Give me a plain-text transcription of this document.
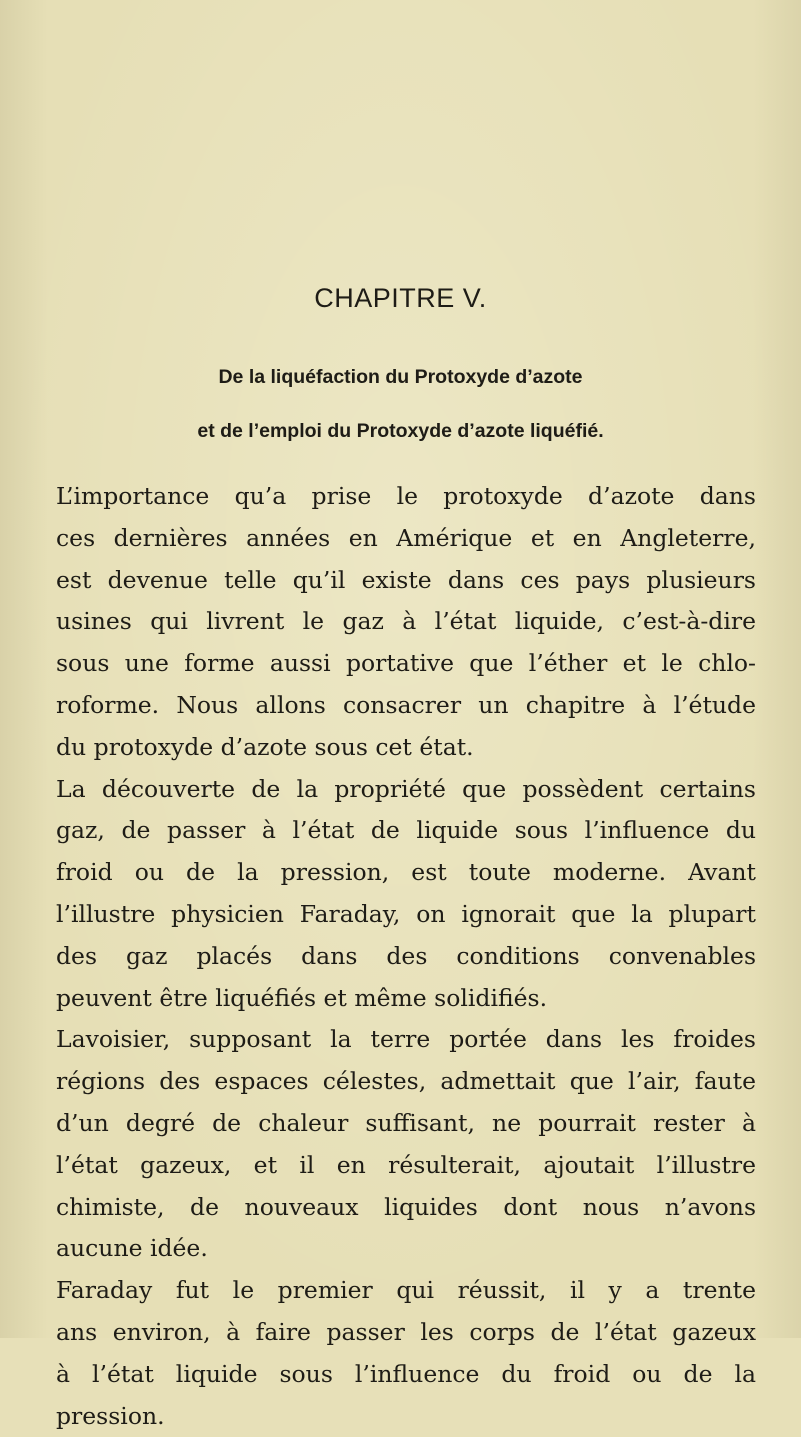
CHAPITRE V.
De la liquéfaction du Protoxyde d’azote
et de l’emploi du Protoxyde d’azote liquéfié.
L’importance qu’a prise le protoxyde d’azote dans
ces dernières années en Amérique et en Angleterre,
est devenue telle qu’il existe dans ces pays plusieurs
usines qui livrent le gaz à l’état liquide, c’est-à-dire
sous une forme aussi portative que l’éther et le chlo-
roforme. Nous allons consacrer un chapitre à l’étude
du protoxyde d’azote sous cet état.
La découverte de la propriété que possèdent certains
gaz, de passer à l’état de liquide sous l’influence du
froid ou de la pression, est toute moderne. Avant
l’illustre physicien Faraday, on ignorait que la plupart
des gaz placés dans des conditions convenables
peuvent être liquéfiés et même solidifiés.
Lavoisier, supposant la terre portée dans les froides
régions des espaces célestes, admettait que l’air, faute
d’un degré de chaleur suffisant, ne pourrait rester à
l’état gazeux, et il en résulterait, ajoutait l’illustre
chimiste, de nouveaux liquides dont nous n’avons
aucune idée.
Faraday fut le premier qui réussit, il y a trente
ans environ, à faire passer les corps de l’état gazeux
à l’état liquide sous l’influence du froid ou de la
pression.
